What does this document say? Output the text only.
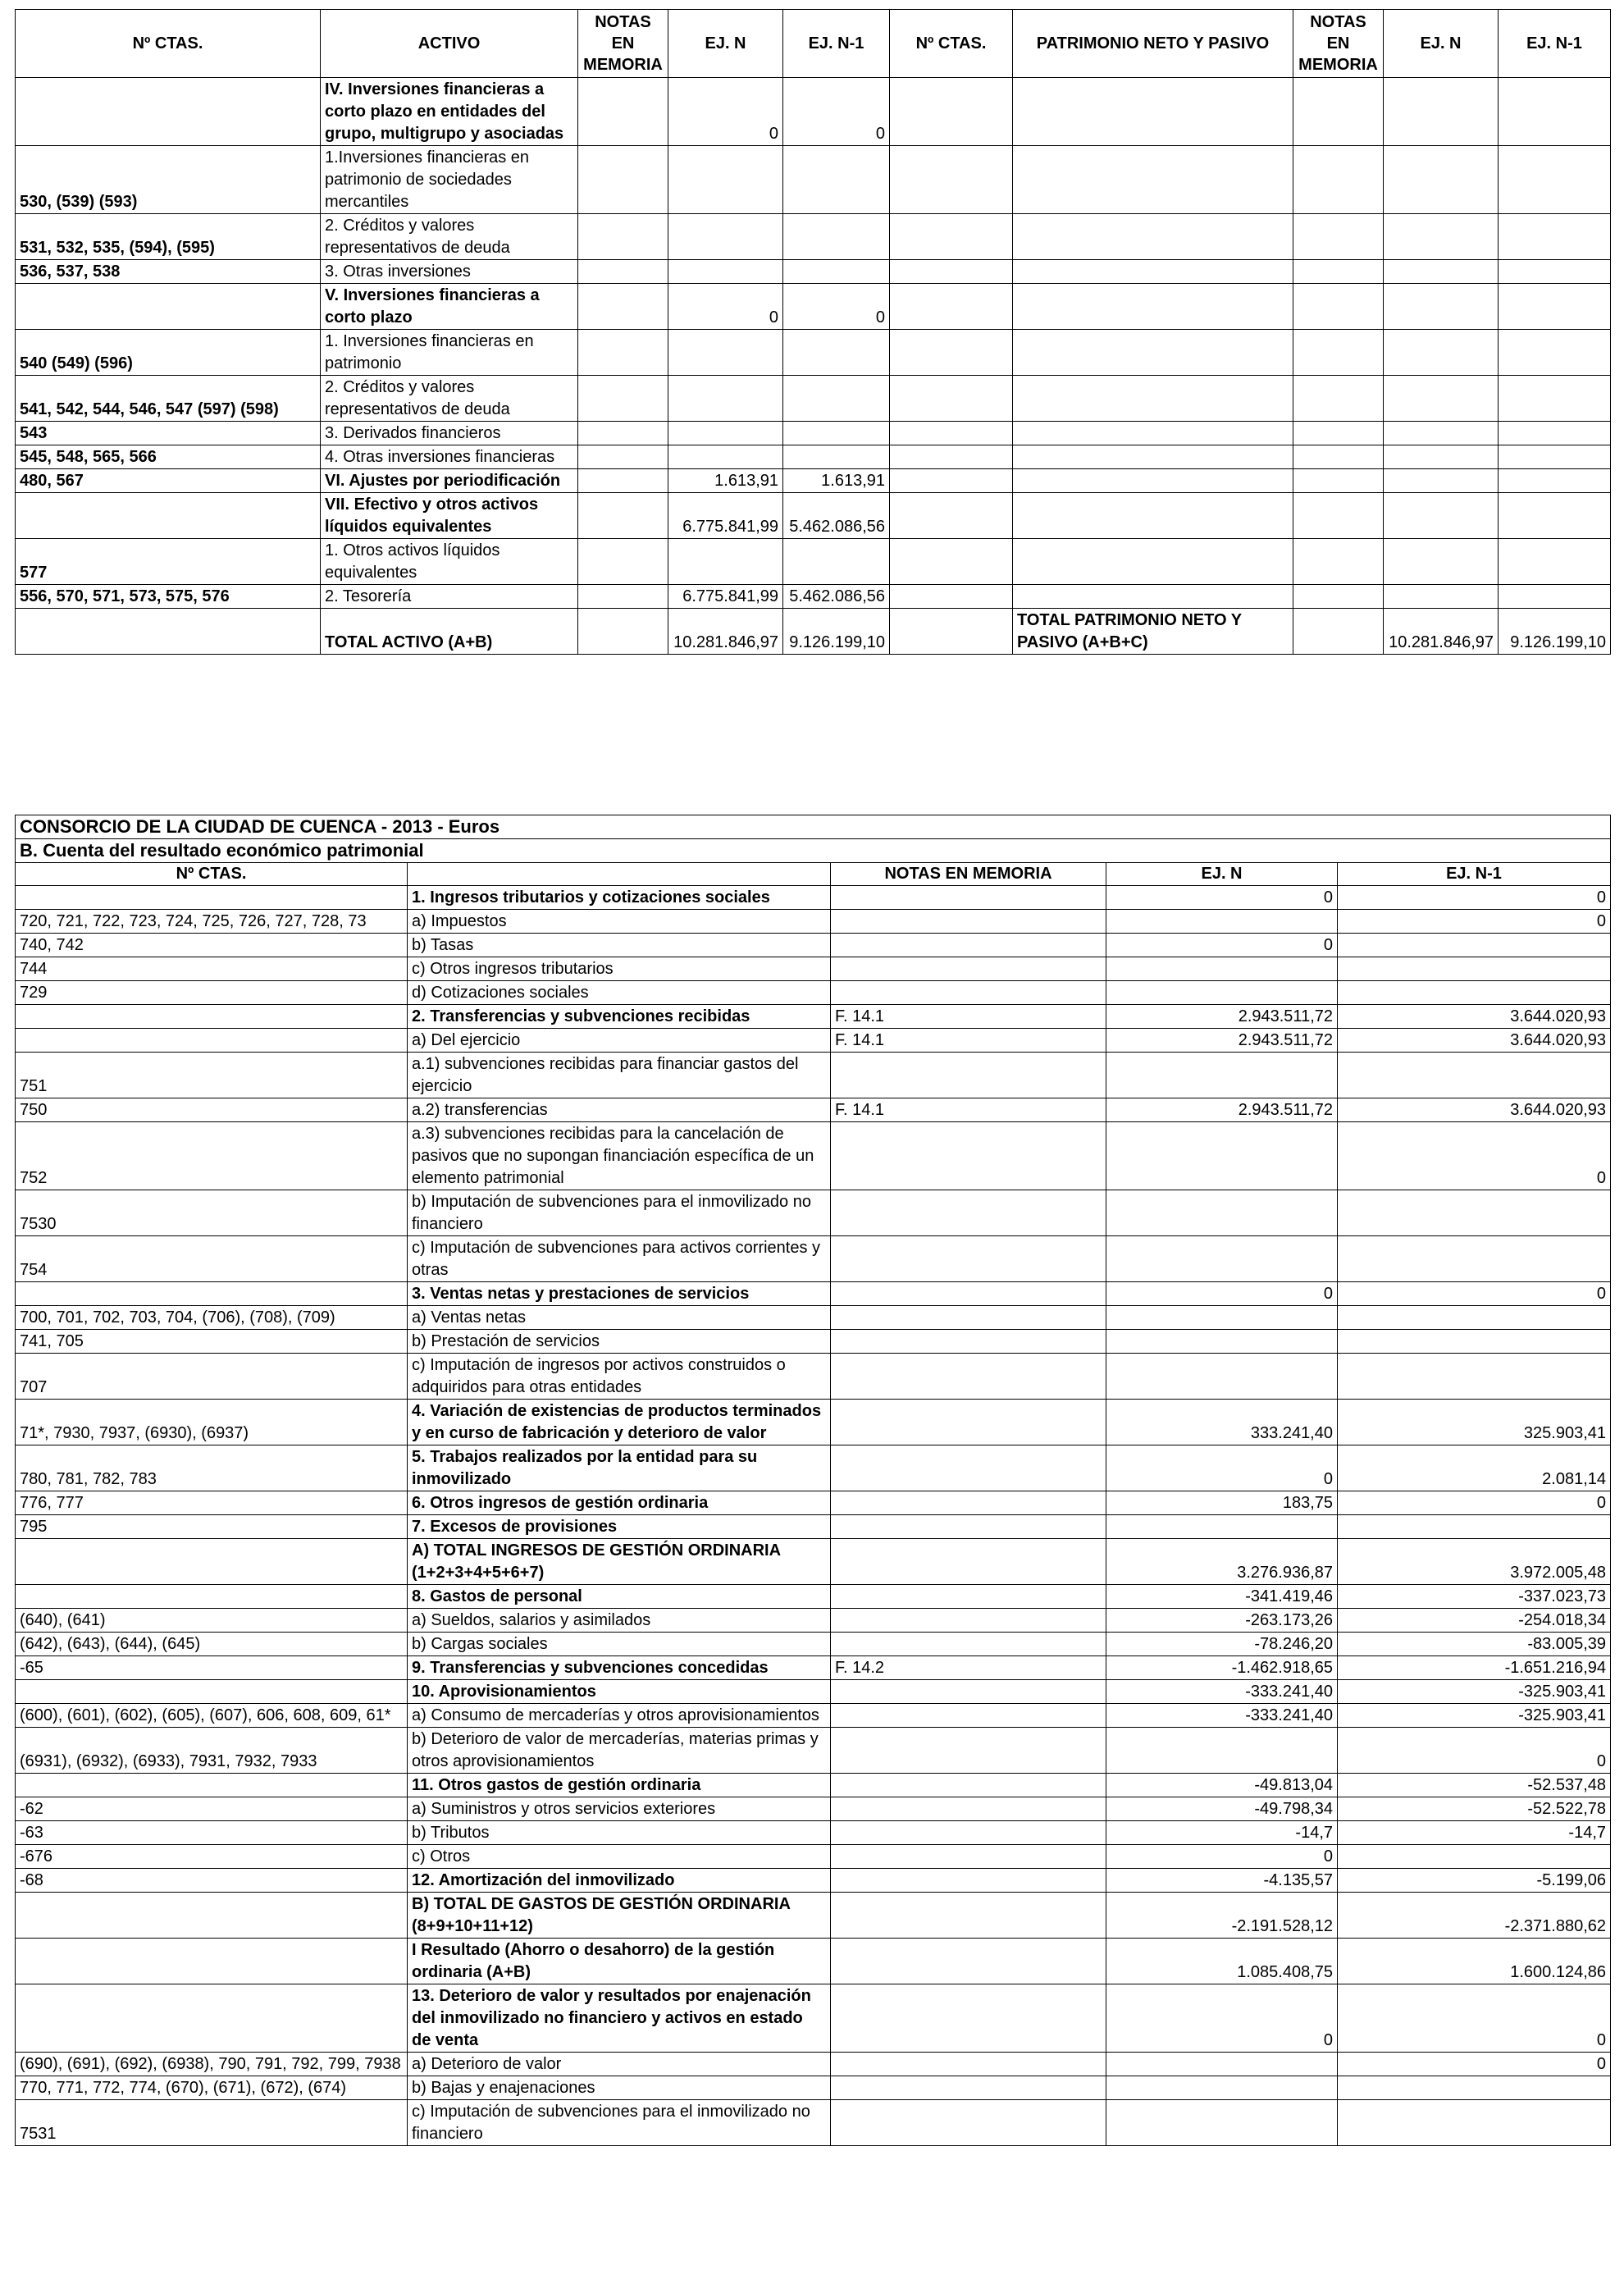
Nº CTAS.	ACTIVO	NOTAS EN MEMORIA	EJ. N	EJ. N-1	Nº CTAS.	PATRIMONIO NETO Y PASIVO	NOTAS EN MEMORIA	EJ. N	EJ. N-1
	IV. Inversiones financieras a corto plazo en entidades del grupo, multigrupo y asociadas		0	0					
530, (539) (593)	1.Inversiones financieras en patrimonio de sociedades mercantiles								
531, 532, 535, (594), (595)	2. Créditos y valores representativos de deuda								
536, 537, 538	3. Otras inversiones								
	V. Inversiones financieras a corto plazo		0	0					
540 (549) (596)	1. Inversiones financieras en patrimonio								
541, 542, 544, 546, 547 (597) (598)	2. Créditos y valores representativos de deuda								
543	3. Derivados financieros								
545, 548, 565, 566	4. Otras inversiones financieras								
480, 567	VI. Ajustes por periodificación		1.613,91	1.613,91					
	VII. Efectivo y otros activos líquidos equivalentes		6.775.841,99	5.462.086,56					
577	1. Otros activos líquidos equivalentes								
556, 570, 571, 573, 575, 576	2. Tesorería		6.775.841,99	5.462.086,56					
	TOTAL ACTIVO (A+B)		10.281.846,97	9.126.199,10		TOTAL PATRIMONIO NETO Y PASIVO (A+B+C)		10.281.846,97	9.126.199,10
CONSORCIO DE LA CIUDAD DE CUENCA - 2013 - Euros				
B. Cuenta del resultado económico patrimonial				
Nº CTAS.		NOTAS EN MEMORIA	EJ. N	EJ. N-1
	1. Ingresos tributarios y cotizaciones sociales		0	0
720, 721, 722, 723, 724, 725, 726, 727, 728, 73	a) Impuestos			0
740, 742	b) Tasas		0	
744	c) Otros ingresos tributarios			
729	d) Cotizaciones sociales			
	2. Transferencias y subvenciones recibidas	F. 14.1	2.943.511,72	3.644.020,93
	a) Del ejercicio	F. 14.1	2.943.511,72	3.644.020,93
751	a.1) subvenciones recibidas para financiar gastos del ejercicio			
750	a.2) transferencias	F. 14.1	2.943.511,72	3.644.020,93
752	a.3) subvenciones recibidas para la cancelación de pasivos que no supongan financiación específica de un elemento patrimonial			0
7530	b) Imputación de subvenciones para el inmovilizado no financiero			
754	c) Imputación de subvenciones para activos corrientes y otras			
	3. Ventas netas y prestaciones de servicios		0	0
700, 701, 702, 703, 704, (706), (708), (709)	a) Ventas netas			
741, 705	b) Prestación de servicios			
707	c) Imputación de ingresos por activos construidos o adquiridos para otras entidades			
71*, 7930, 7937, (6930), (6937)	4. Variación de existencias de productos terminados y en curso de fabricación y deterioro de valor		333.241,40	325.903,41
780, 781, 782, 783	5. Trabajos realizados por la entidad para su inmovilizado		0	2.081,14
776, 777	6. Otros ingresos de gestión ordinaria		183,75	0
795	7. Excesos de provisiones			
	A) TOTAL INGRESOS DE GESTIÓN ORDINARIA (1+2+3+4+5+6+7)		3.276.936,87	3.972.005,48
	8. Gastos de personal		-341.419,46	-337.023,73
(640), (641)	a) Sueldos, salarios y asimilados		-263.173,26	-254.018,34
(642), (643), (644), (645)	b) Cargas sociales		-78.246,20	-83.005,39
-65	9. Transferencias y subvenciones concedidas	F. 14.2	-1.462.918,65	-1.651.216,94
	10. Aprovisionamientos		-333.241,40	-325.903,41
(600), (601), (602), (605), (607), 606, 608, 609, 61*	a) Consumo de mercaderías y otros aprovisionamientos		-333.241,40	-325.903,41
(6931), (6932), (6933), 7931, 7932, 7933	b) Deterioro de valor de mercaderías, materias primas y otros aprovisionamientos			0
	11. Otros gastos de gestión ordinaria		-49.813,04	-52.537,48
-62	a) Suministros y otros servicios exteriores		-49.798,34	-52.522,78
-63	b) Tributos		-14,7	-14,7
-676	c) Otros		0	
-68	12. Amortización del inmovilizado		-4.135,57	-5.199,06
	B) TOTAL DE GASTOS DE GESTIÓN ORDINARIA (8+9+10+11+12)		-2.191.528,12	-2.371.880,62
	I Resultado (Ahorro o desahorro) de la gestión ordinaria (A+B)		1.085.408,75	1.600.124,86
	13. Deterioro de valor y resultados por enajenación del inmovilizado no financiero y activos en estado de venta		0	0
(690), (691), (692), (6938), 790, 791, 792, 799, 7938	a) Deterioro de valor			0
770, 771, 772, 774, (670), (671), (672), (674)	b) Bajas y enajenaciones			
7531	c) Imputación de subvenciones para el inmovilizado no financiero			
